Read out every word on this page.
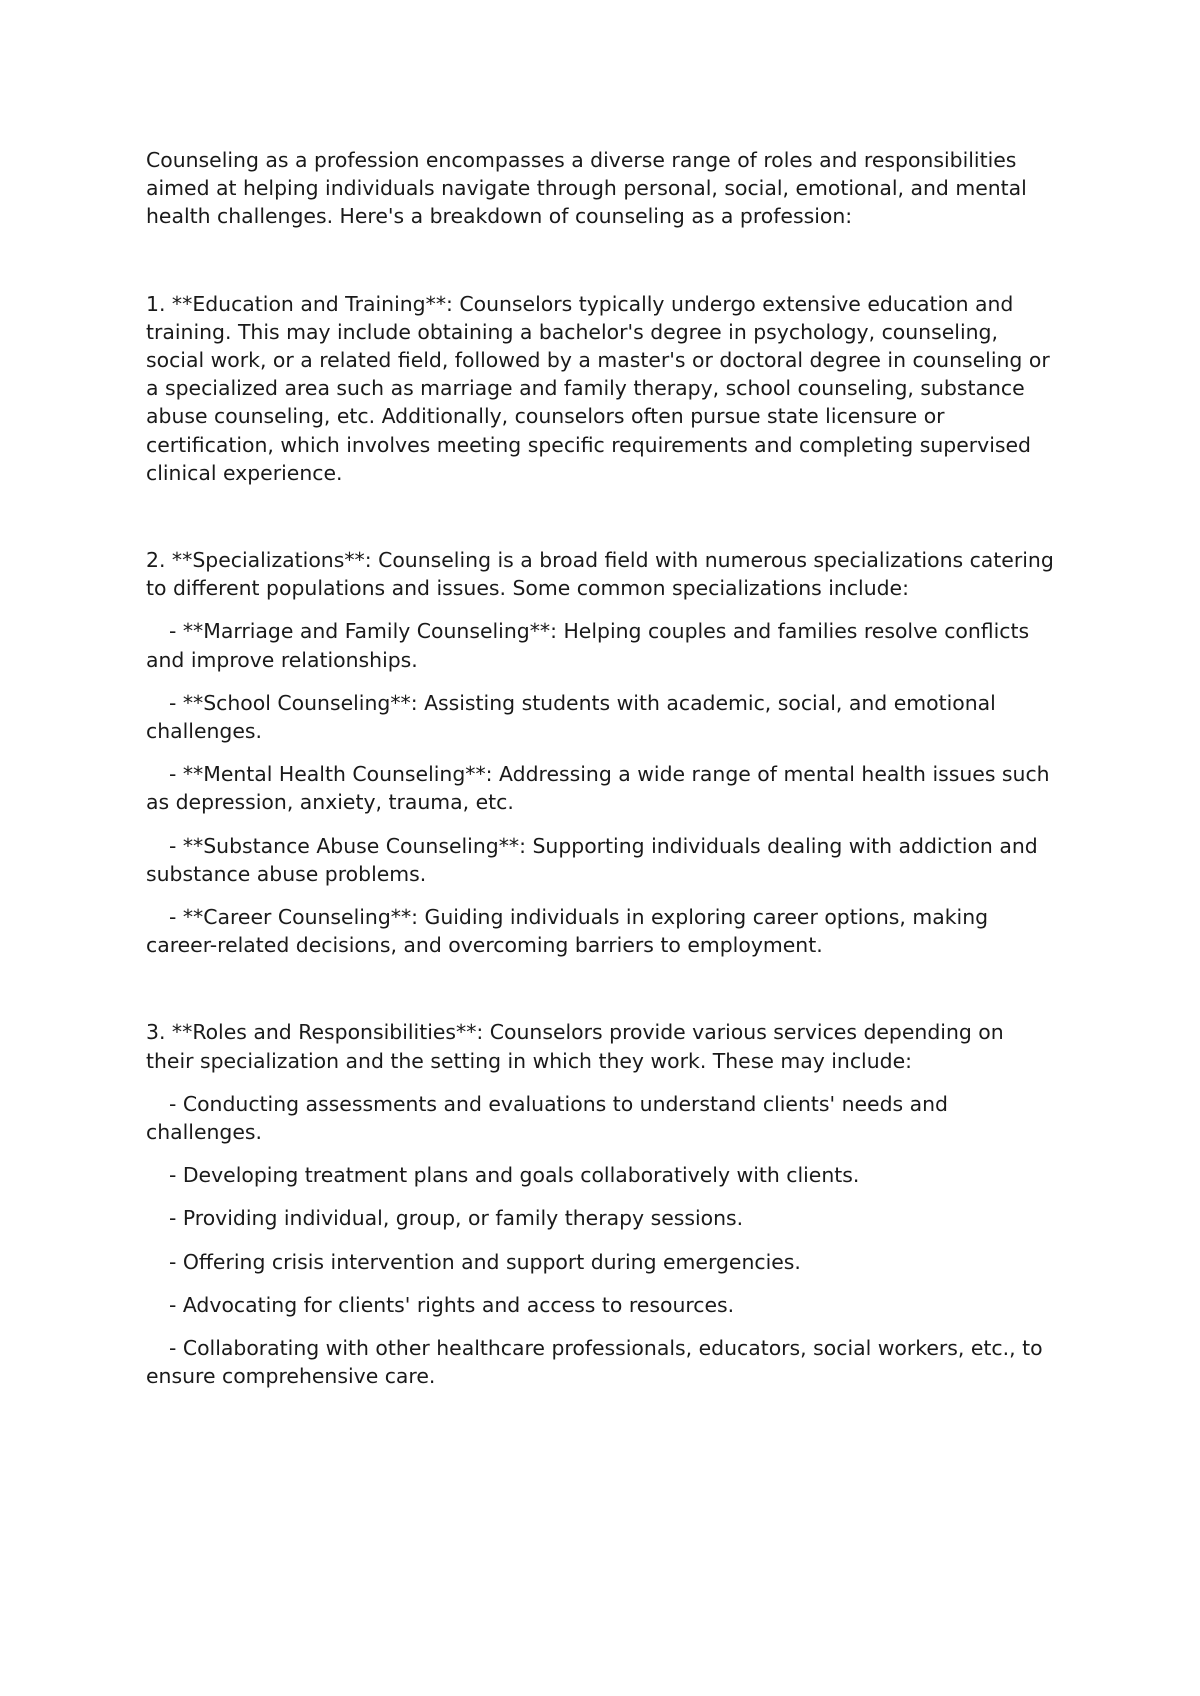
Counseling as a profession encompasses a diverse range of roles and responsibilities aimed at helping individuals navigate through personal, social, emotional, and mental health challenges. Here's a breakdown of counseling as a profession:

1. **Education and Training**: Counselors typically undergo extensive education and training. This may include obtaining a bachelor's degree in psychology, counseling, social work, or a related field, followed by a master's or doctoral degree in counseling or a specialized area such as marriage and family therapy, school counseling, substance abuse counseling, etc. Additionally, counselors often pursue state licensure or certification, which involves meeting specific requirements and completing supervised clinical experience.

2. **Specializations**: Counseling is a broad field with numerous specializations catering to different populations and issues. Some common specializations include:

- **Marriage and Family Counseling**: Helping couples and families resolve conflicts and improve relationships.

- **School Counseling**: Assisting students with academic, social, and emotional challenges.

- **Mental Health Counseling**: Addressing a wide range of mental health issues such as depression, anxiety, trauma, etc.

- **Substance Abuse Counseling**: Supporting individuals dealing with addiction and substance abuse problems.

- **Career Counseling**: Guiding individuals in exploring career options, making career-related decisions, and overcoming barriers to employment.

3. **Roles and Responsibilities**: Counselors provide various services depending on their specialization and the setting in which they work. These may include:

- Conducting assessments and evaluations to understand clients' needs and challenges.

- Developing treatment plans and goals collaboratively with clients.

- Providing individual, group, or family therapy sessions.

- Offering crisis intervention and support during emergencies.

- Advocating for clients' rights and access to resources.

- Collaborating with other healthcare professionals, educators, social workers, etc., to ensure comprehensive care.
